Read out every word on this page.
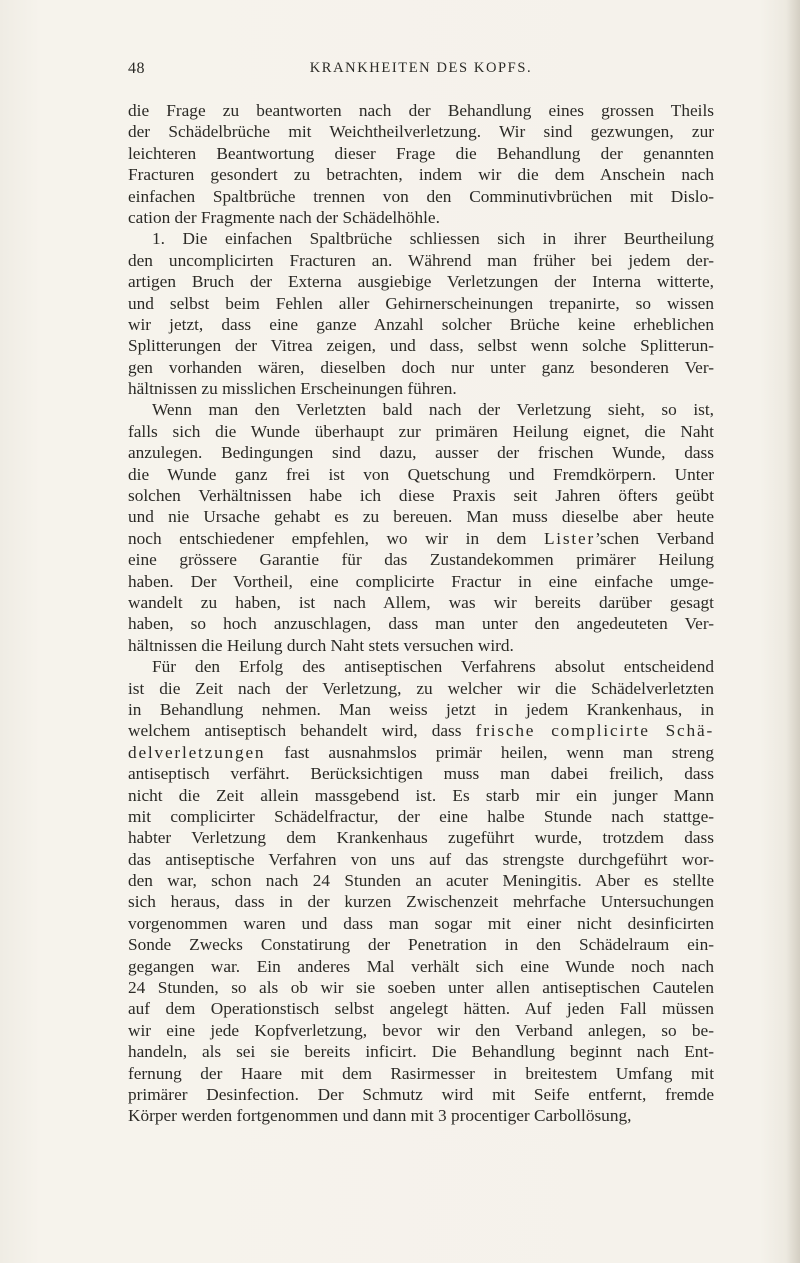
48	KRANKHEITEN DES KOPFS.
die Frage zu beantworten nach der Behandlung eines grossen Theils
der Schädelbrüche mit Weichtheilverletzung. Wir sind gezwungen, zur
leichteren Beantwortung dieser Frage die Behandlung der genannten
Fracturen gesondert zu betrachten, indem wir die dem Anschein nach
einfachen Spaltbrüche trennen von den Comminutivbrüchen mit Dislo-
cation der Fragmente nach der Schädelhöhle.
1. Die einfachen Spaltbrüche schliessen sich in ihrer Beurtheilung
den uncomplicirten Fracturen an. Während man früher bei jedem der-
artigen Bruch der Externa ausgiebige Verletzungen der Interna witterte,
und selbst beim Fehlen aller Gehirnerscheinungen trepanirte, so wissen
wir jetzt, dass eine ganze Anzahl solcher Brüche keine erheblichen
Splitterungen der Vitrea zeigen, und dass, selbst wenn solche Splitterun-
gen vorhanden wären, dieselben doch nur unter ganz besonderen Ver-
hältnissen zu misslichen Erscheinungen führen.
Wenn man den Verletzten bald nach der Verletzung sieht, so ist,
falls sich die Wunde überhaupt zur primären Heilung eignet, die Naht
anzulegen. Bedingungen sind dazu, ausser der frischen Wunde, dass
die Wunde ganz frei ist von Quetschung und Fremdkörpern. Unter
solchen Verhältnissen habe ich diese Praxis seit Jahren öfters geübt
und nie Ursache gehabt es zu bereuen. Man muss dieselbe aber heute
noch entschiedener empfehlen, wo wir in dem Lister’schen Verband
eine grössere Garantie für das Zustandekommen primärer Heilung
haben. Der Vortheil, eine complicirte Fractur in eine einfache umge-
wandelt zu haben, ist nach Allem, was wir bereits darüber gesagt
haben, so hoch anzuschlagen, dass man unter den angedeuteten Ver-
hältnissen die Heilung durch Naht stets versuchen wird.
Für den Erfolg des antiseptischen Verfahrens absolut entscheidend
ist die Zeit nach der Verletzung, zu welcher wir die Schädelverletzten
in Behandlung nehmen. Man weiss jetzt in jedem Krankenhaus, in
welchem antiseptisch behandelt wird, dass frische complicirte Schä-
delverletzungen fast ausnahmslos primär heilen, wenn man streng
antiseptisch verfährt. Berücksichtigen muss man dabei freilich, dass
nicht die Zeit allein massgebend ist. Es starb mir ein junger Mann
mit complicirter Schädelfractur, der eine halbe Stunde nach stattge-
habter Verletzung dem Krankenhaus zugeführt wurde, trotzdem dass
das antiseptische Verfahren von uns auf das strengste durchgeführt wor-
den war, schon nach 24 Stunden an acuter Meningitis. Aber es stellte
sich heraus, dass in der kurzen Zwischenzeit mehrfache Untersuchungen
vorgenommen waren und dass man sogar mit einer nicht desinficirten
Sonde Zwecks Constatirung der Penetration in den Schädelraum ein-
gegangen war. Ein anderes Mal verhält sich eine Wunde noch nach
24 Stunden, so als ob wir sie soeben unter allen antiseptischen Cautelen
auf dem Operationstisch selbst angelegt hätten. Auf jeden Fall müssen
wir eine jede Kopfverletzung, bevor wir den Verband anlegen, so be-
handeln, als sei sie bereits inficirt. Die Behandlung beginnt nach Ent-
fernung der Haare mit dem Rasirmesser in breitestem Umfang mit
primärer Desinfection. Der Schmutz wird mit Seife entfernt, fremde
Körper werden fortgenommen und dann mit 3 procentiger Carbollösung,
